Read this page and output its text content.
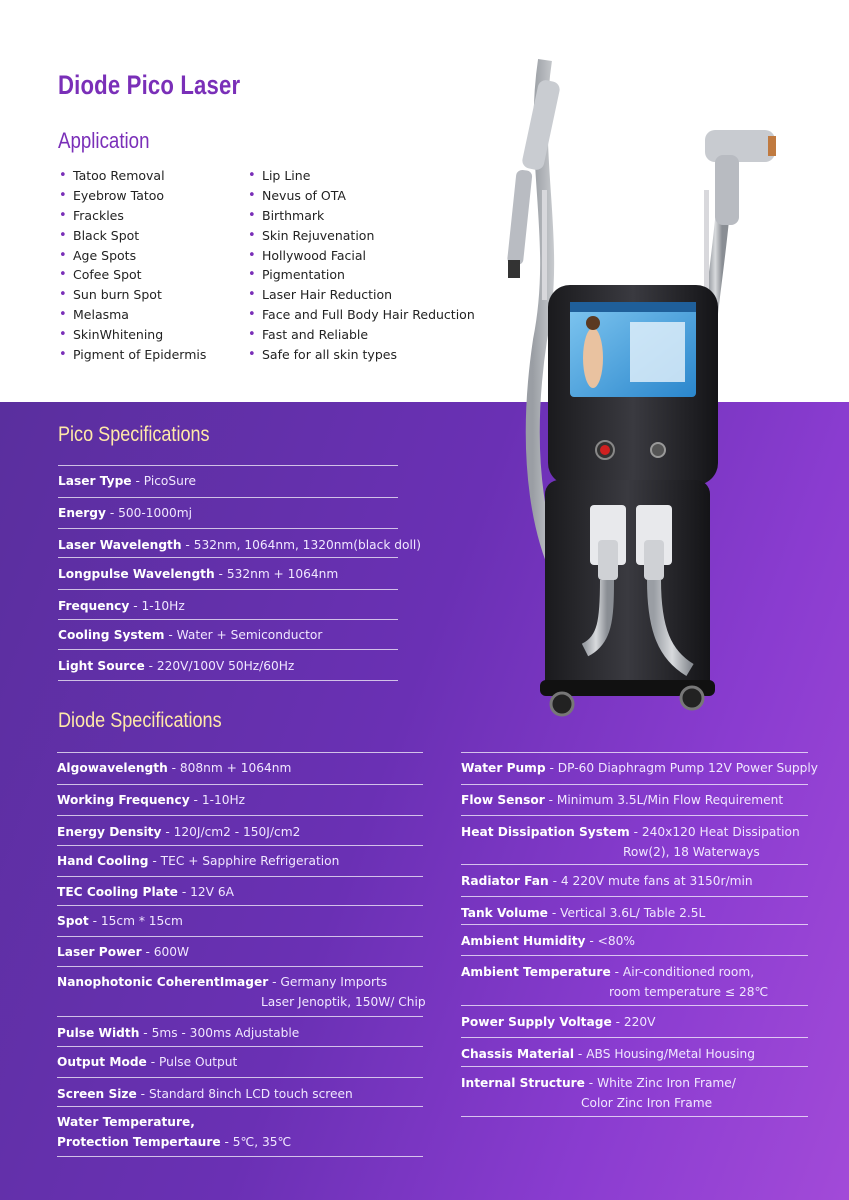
Diode Pico Laser
Application
• Tatoo Removal
• Eyebrow Tatoo
• Frackles
• Black Spot
• Age Spots
• Cofee Spot
• Sun burn Spot
• Melasma
• SkinWhitening
• Pigment of Epidermis
• Lip Line
• Nevus of OTA
• Birthmark
• Skin Rejuvenation
• Hollywood Facial
• Pigmentation
• Laser Hair Reduction
• Face and Full Body Hair Reduction
• Fast and Reliable
• Safe for all skin types
Pico Specifications
Laser Type - PicoSure
Energy - 500-1000mj
Laser Wavelength - 532nm, 1064nm, 1320nm(black doll)
Longpulse Wavelength - 532nm + 1064nm
Frequency - 1-10Hz
Cooling System - Water + Semiconductor
Light Source - 220V/100V 50Hz/60Hz
Diode Specifications
Algowavelength - 808nm + 1064nm
Working Frequency - 1-10Hz
Energy Density - 120J/cm2 - 150J/cm2
Hand Cooling - TEC + Sapphire Refrigeration
TEC Cooling Plate - 12V 6A
Spot - 15cm * 15cm
Laser Power - 600W
Nanophotonic CoherentImager - Germany Imports
Laser Jenoptik, 150W/ Chip
Pulse Width - 5ms - 300ms Adjustable
Output Mode - Pulse Output
Screen Size - Standard 8inch LCD touch screen
Water Temperature,
Protection Tempertaure - 5℃, 35℃
Water Pump - DP-60 Diaphragm Pump 12V Power Supply
Flow Sensor - Minimum 3.5L/Min Flow Requirement
Heat Dissipation System - 240x120 Heat Dissipation
Row(2), 18 Waterways
Radiator Fan - 4 220V mute fans at 3150r/min
Tank Volume - Vertical 3.6L/ Table 2.5L
Ambient Humidity - <80%
Ambient Temperature - Air-conditioned room,
room temperature ≤ 28℃
Power Supply Voltage - 220V
Chassis Material - ABS Housing/Metal Housing
Internal Structure - White Zinc Iron Frame/
Color Zinc Iron Frame
